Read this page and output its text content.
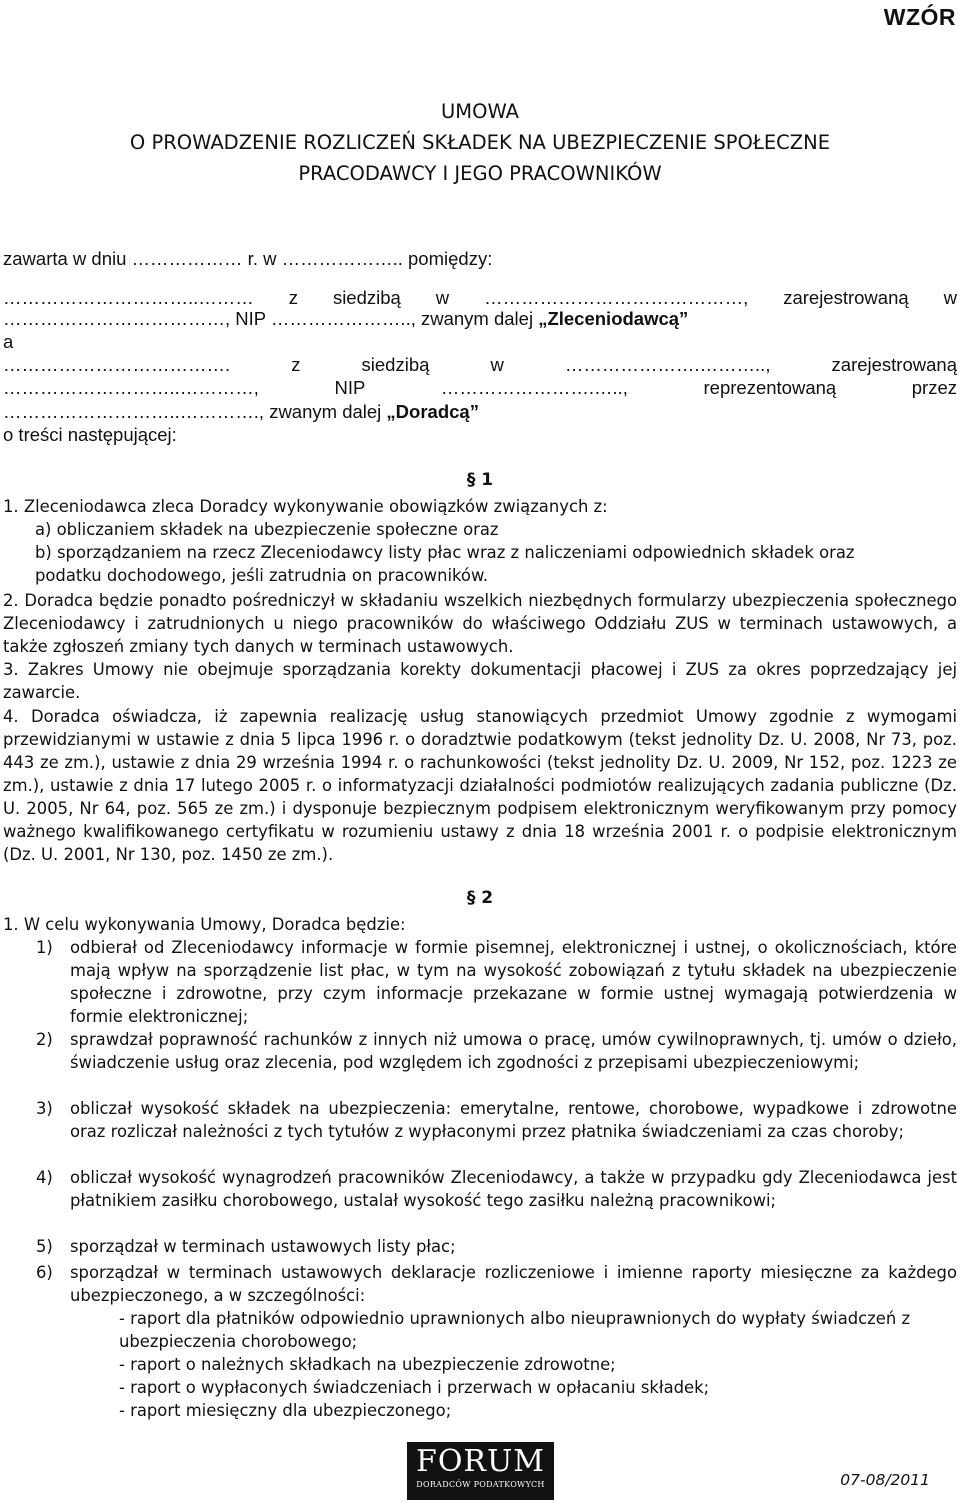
WZÓR
UMOWA
O PROWADZENIE ROZLICZEŃ SKŁADEK NA UBEZPIECZENIE SPOŁECZNE
PRACODAWCY I JEGO PRACOWNIKÓW
zawarta w dniu ……………… r. w ……………….. pomiędzy:
…………………………..……… z siedzibą w ……………………………………, zarejestrowaną w
………………………………, NIP ………………….., zwanym dalej „Zleceniodawcą”
a
……………………………….	z	siedzibą	w	………………….………..,	zarejestrowaną
………………………..…………,	NIP	…………………….…..,	reprezentowaną	przez
………………………..…………., zwanym dalej „Doradcą”
o treści następującej:
§ 1
1. Zleceniodawca zleca Doradcy wykonywanie obowiązków związanych z:
a) obliczaniem składek na ubezpieczenie społeczne oraz
b) sporządzaniem na rzecz Zleceniodawcy listy płac wraz z naliczeniami odpowiednich składek oraz
podatku dochodowego, jeśli zatrudnia on pracowników.
2. Doradca będzie ponadto pośredniczył w składaniu wszelkich niezbędnych formularzy ubezpieczenia społecznego Zleceniodawcy i zatrudnionych u niego pracowników do właściwego Oddziału ZUS w terminach ustawowych, a także zgłoszeń zmiany tych danych w terminach ustawowych.
3. Zakres Umowy nie obejmuje sporządzania korekty dokumentacji płacowej i ZUS za okres poprzedzający jej zawarcie.
4. Doradca oświadcza, iż zapewnia realizację usług stanowiących przedmiot Umowy zgodnie z wymogami przewidzianymi w ustawie z dnia 5 lipca 1996 r. o doradztwie podatkowym (tekst jednolity Dz. U. 2008, Nr 73, poz. 443 ze zm.), ustawie z dnia 29 września 1994 r. o rachunkowości (tekst jednolity Dz. U. 2009, Nr 152, poz. 1223 ze zm.), ustawie z dnia 17 lutego 2005 r. o informatyzacji działalności podmiotów realizujących zadania publiczne (Dz. U. 2005, Nr 64, poz. 565 ze zm.) i dysponuje bezpiecznym podpisem elektronicznym weryfikowanym przy pomocy ważnego kwalifikowanego certyfikatu w rozumieniu ustawy z dnia 18 września 2001 r. o podpisie elektronicznym (Dz. U. 2001, Nr 130, poz. 1450 ze zm.).
§ 2
1. W celu wykonywania Umowy, Doradca będzie:
1) odbierał od Zleceniodawcy informacje w formie pisemnej, elektronicznej i ustnej, o okolicznościach, które mają wpływ na sporządzenie list płac, w tym na wysokość zobowiązań z tytułu składek na ubezpieczenie społeczne i zdrowotne, przy czym informacje przekazane w formie ustnej wymagają potwierdzenia w formie elektronicznej;
2) sprawdzał poprawność rachunków z innych niż umowa o pracę, umów cywilnoprawnych, tj. umów o dzieło, świadczenie usług oraz zlecenia, pod względem ich zgodności z przepisami ubezpieczeniowymi;
3) obliczał wysokość składek na ubezpieczenia: emerytalne, rentowe, chorobowe, wypadkowe i zdrowotne oraz rozliczał należności z tych tytułów z wypłaconymi przez płatnika świadczeniami za czas choroby;
4) obliczał wysokość wynagrodzeń pracowników Zleceniodawcy, a także w przypadku gdy Zleceniodawca jest płatnikiem zasiłku chorobowego, ustalał wysokość tego zasiłku należną pracownikowi;
5) sporządzał w terminach ustawowych listy płac;
6) sporządzał w terminach ustawowych deklaracje rozliczeniowe i imienne raporty miesięczne za każdego ubezpieczonego, a w szczególności:
- raport dla płatników odpowiednio uprawnionych albo nieuprawnionych do wypłaty świadczeń z ubezpieczenia chorobowego;
- raport o należnych składkach na ubezpieczenie zdrowotne;
- raport o wypłaconych świadczeniach i przerwach w opłacaniu składek;
- raport miesięczny dla ubezpieczonego;
FORUM
DORADCÓW PODATKOWYCH	07-08/2011
